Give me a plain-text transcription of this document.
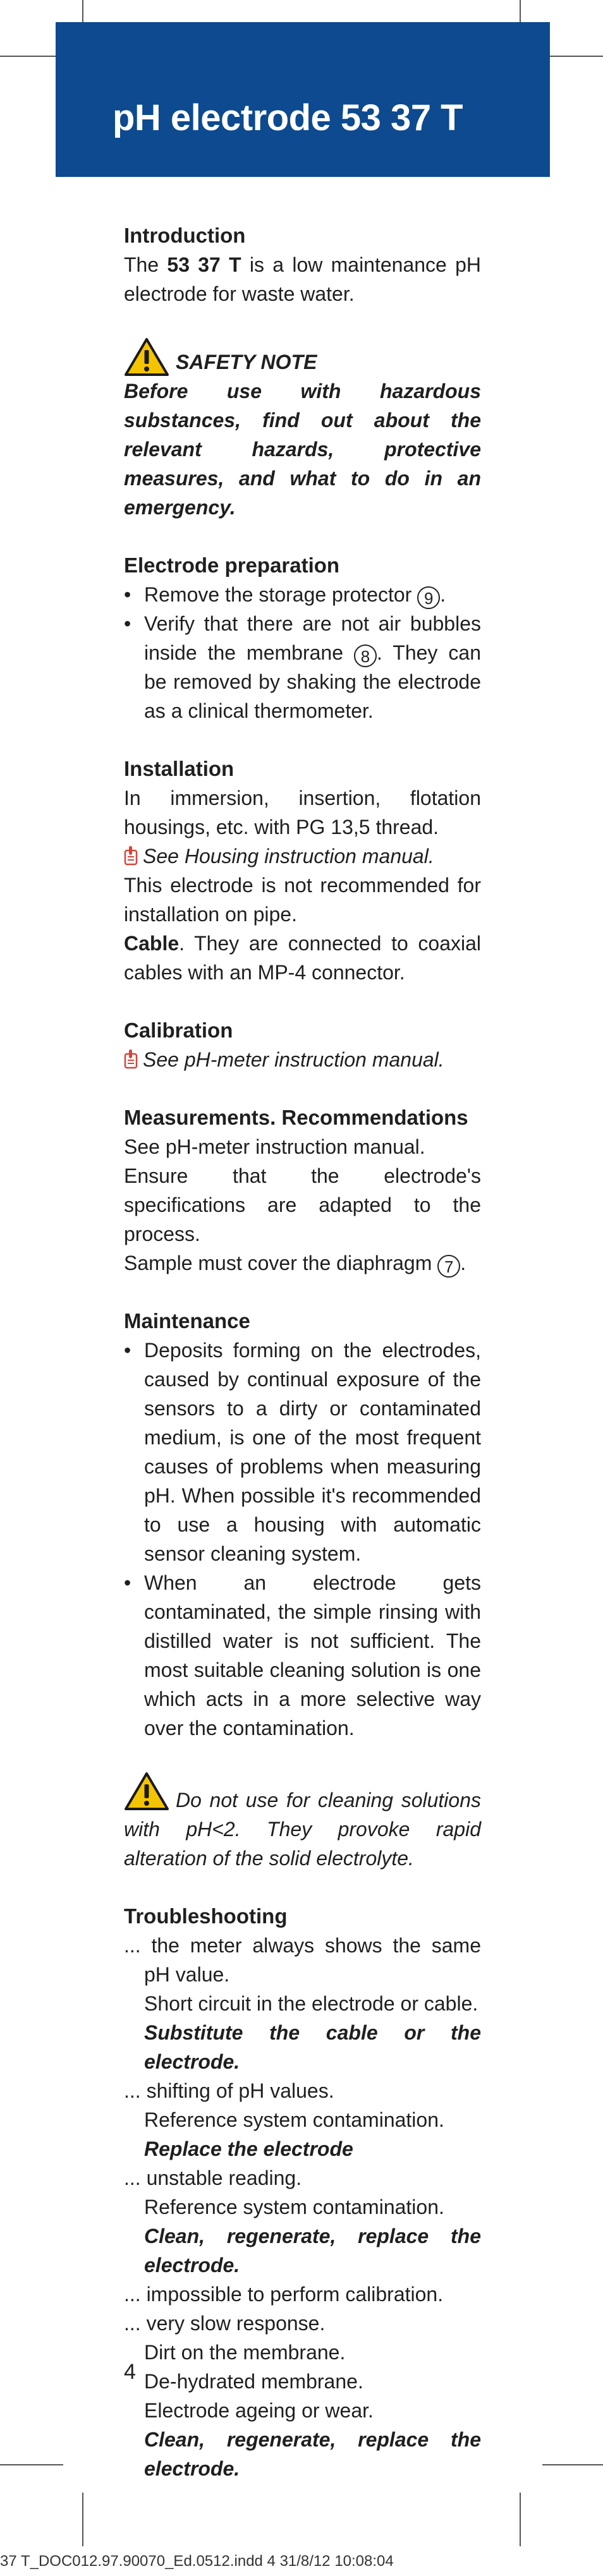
pH electrode 53 37 T

Introduction

The 53 37 T is a low maintenance pH electrode for waste water.

SAFETY NOTE

Before use with hazardous substances, find out about the relevant hazards, protective measures, and what to do in an emergency.

Electrode preparation

• Remove the storage protector 9 .
• Verify that there are not air bubbles inside the membrane 8 . They can be removed by shaking the electrode as a clinical thermometer.

Installation

In immersion, insertion, flotation housings, etc. with PG 13,5 thread.

See Housing instruction manual.

This electrode is not recommended for installation on pipe.

Cable. They are connected to coaxial cables with an MP-4 connector.

Calibration

See pH-meter instruction manual.

Measurements. Recommendations

See pH-meter instruction manual.

Ensure that the electrode's specifications are adapted to the process.

Sample must cover the diaphragm 7 .

Maintenance

• Deposits forming on the electrodes, caused by continual exposure of the sensors to a dirty or contaminated medium, is one of the most frequent causes of problems when measuring pH. When possible it's recommended to use a housing with automatic sensor cleaning system.
• When an electrode gets contaminated, the simple rinsing with distilled water is not sufficient. The most suitable cleaning solution is one which acts in a more selective way over the contamination.

Do not use for cleaning solutions with pH<2. They provoke rapid alteration of the solid electrolyte.

Troubleshooting

... the meter always shows the same pH value.

Short circuit in the electrode or cable.

Substitute the cable or the electrode.

... shifting of pH values.

Reference system contamination.

Replace the electrode

... unstable reading.

Reference system contamination.

Clean, regenerate, replace the electrode.

... impossible to perform calibration.

... very slow response.

Dirt on the membrane.

De-hydrated membrane.

Electrode ageing or wear.

Clean, regenerate, replace the electrode.

4
37 T_DOC012.97.90070_Ed.0512.indd 4 31/8/12 10:08:04
